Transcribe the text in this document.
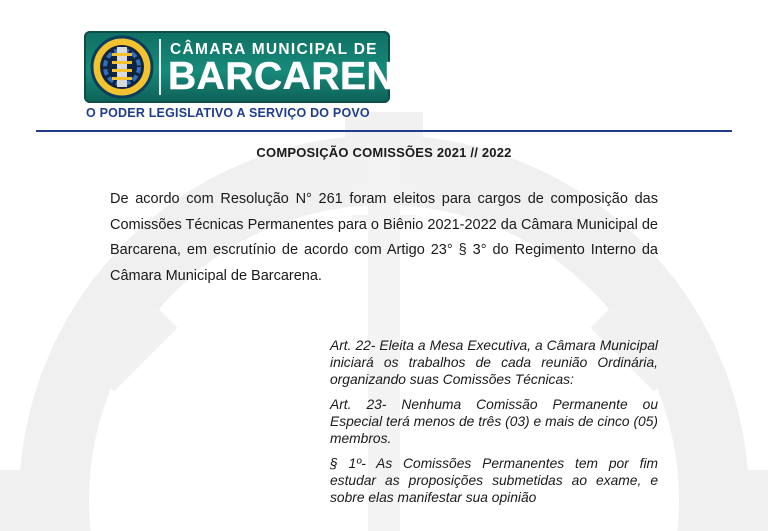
CÂMARA MUNICIPAL DE
BARCARENA
O PODER LEGISLATIVO A SERVIÇO DO POVO
COMPOSIÇÃO COMISSÕES 2021 // 2022

De acordo com Resolução N° 261 foram eleitos para cargos de composição das Comissões Técnicas Permanentes para o Biênio 2021-2022 da Câmara Municipal de Barcarena, em escrutínio de acordo com Artigo 23° § 3° do Regimento Interno da Câmara Municipal de Barcarena.

Art. 22- Eleita a Mesa Executiva, a Câmara Municipal iniciará os trabalhos de cada reunião Ordinária, organizando suas Comissões Técnicas:

Art. 23- Nenhuma Comissão Permanente ou Especial terá menos de três (03) e mais de cinco (05) membros.

§ 1º- As Comissões Permanentes tem por fim estudar as proposições submetidas ao exame, e sobre elas manifestar sua opinião
